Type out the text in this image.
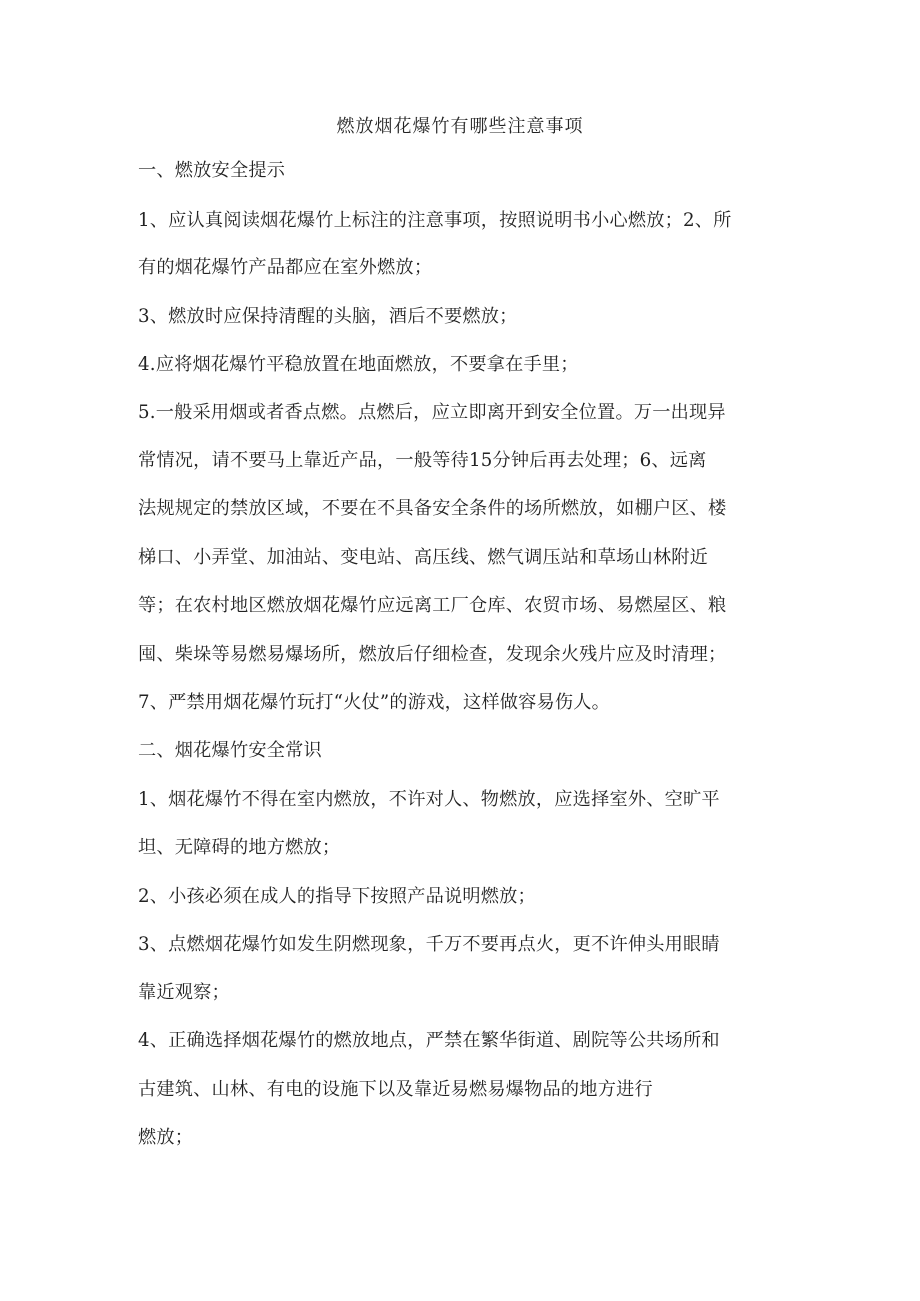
燃放烟花爆竹有哪些注意事项
一、燃放安全提示
1、应认真阅读烟花爆竹上标注的注意事项，按照说明书小心燃放；2、所
有的烟花爆竹产品都应在室外燃放；
3、燃放时应保持清醒的头脑，酒后不要燃放；
4.应将烟花爆竹平稳放置在地面燃放，不要拿在手里；
5.一般采用烟或者香点燃。点燃后，应立即离开到安全位置。万一出现异
常情况，请不要马上靠近产品，一般等待15分钟后再去处理；6、远离
法规规定的禁放区域，不要在不具备安全条件的场所燃放，如棚户区、楼
梯口、小弄堂、加油站、变电站、高压线、燃气调压站和草场山林附近
等；在农村地区燃放烟花爆竹应远离工厂仓库、农贸市场、易燃屋区、粮
囤、柴垛等易燃易爆场所，燃放后仔细检查，发现余火残片应及时清理；
7、严禁用烟花爆竹玩打“火仗”的游戏，这样做容易伤人。
二、烟花爆竹安全常识
1、烟花爆竹不得在室内燃放，不许对人、物燃放，应选择室外、空旷平
坦、无障碍的地方燃放；
2、小孩必须在成人的指导下按照产品说明燃放；
3、点燃烟花爆竹如发生阴燃现象，千万不要再点火，更不许伸头用眼睛
靠近观察；
4、正确选择烟花爆竹的燃放地点，严禁在繁华街道、剧院等公共场所和
古建筑、山林、有电的设施下以及靠近易燃易爆物品的地方进行
燃放；
